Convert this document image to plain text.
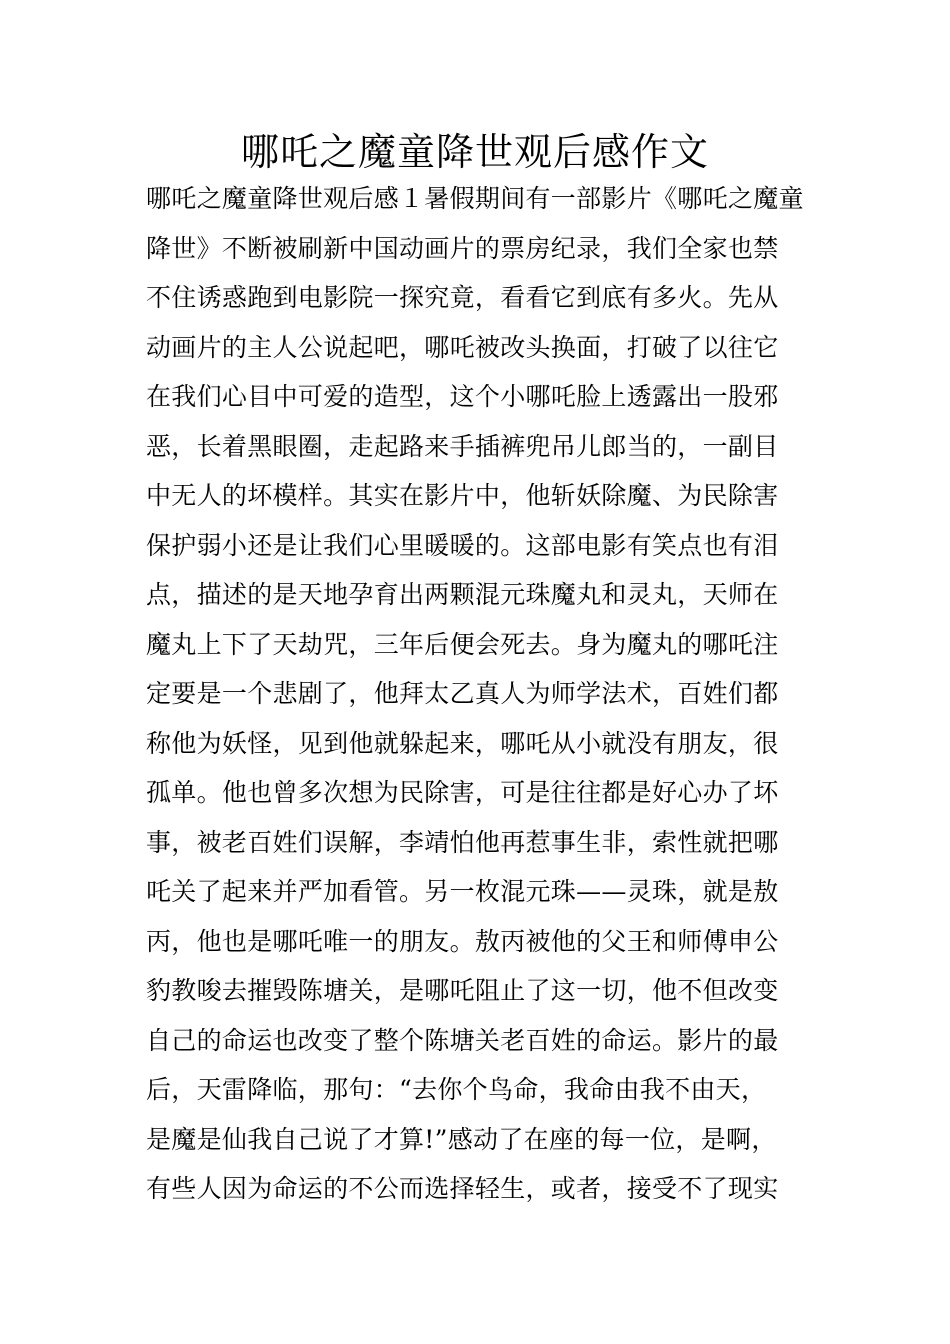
哪吒之魔童降世观后感作文
哪吒之魔童降世观后感１暑假期间有一部影片《哪吒之魔童
降世》不断被刷新中国动画片的票房纪录，我们全家也禁
不住诱惑跑到电影院一探究竟，看看它到底有多火。先从
动画片的主人公说起吧，哪吒被改头换面，打破了以往它
在我们心目中可爱的造型，这个小哪吒脸上透露出一股邪
恶，长着黑眼圈，走起路来手插裤兜吊儿郎当的，一副目
中无人的坏模样。其实在影片中，他斩妖除魔、为民除害
保护弱小还是让我们心里暖暖的。这部电影有笑点也有泪
点，描述的是天地孕育出两颗混元珠魔丸和灵丸，天师在
魔丸上下了天劫咒，三年后便会死去。身为魔丸的哪吒注
定要是一个悲剧了，他拜太乙真人为师学法术，百姓们都
称他为妖怪，见到他就躲起来，哪吒从小就没有朋友，很
孤单。他也曾多次想为民除害，可是往往都是好心办了坏
事，被老百姓们误解，李靖怕他再惹事生非，索性就把哪
吒关了起来并严加看管。另一枚混元珠——灵珠，就是敖
丙，他也是哪吒唯一的朋友。敖丙被他的父王和师傅申公
豹教唆去摧毁陈塘关，是哪吒阻止了这一切，他不但改变
自己的命运也改变了整个陈塘关老百姓的命运。影片的最
后，天雷降临，那句：“去你个鸟命，我命由我不由天，
是魔是仙我自己说了才算!”感动了在座的每一位，是啊，
有些人因为命运的不公而选择轻生，或者，接受不了现实
